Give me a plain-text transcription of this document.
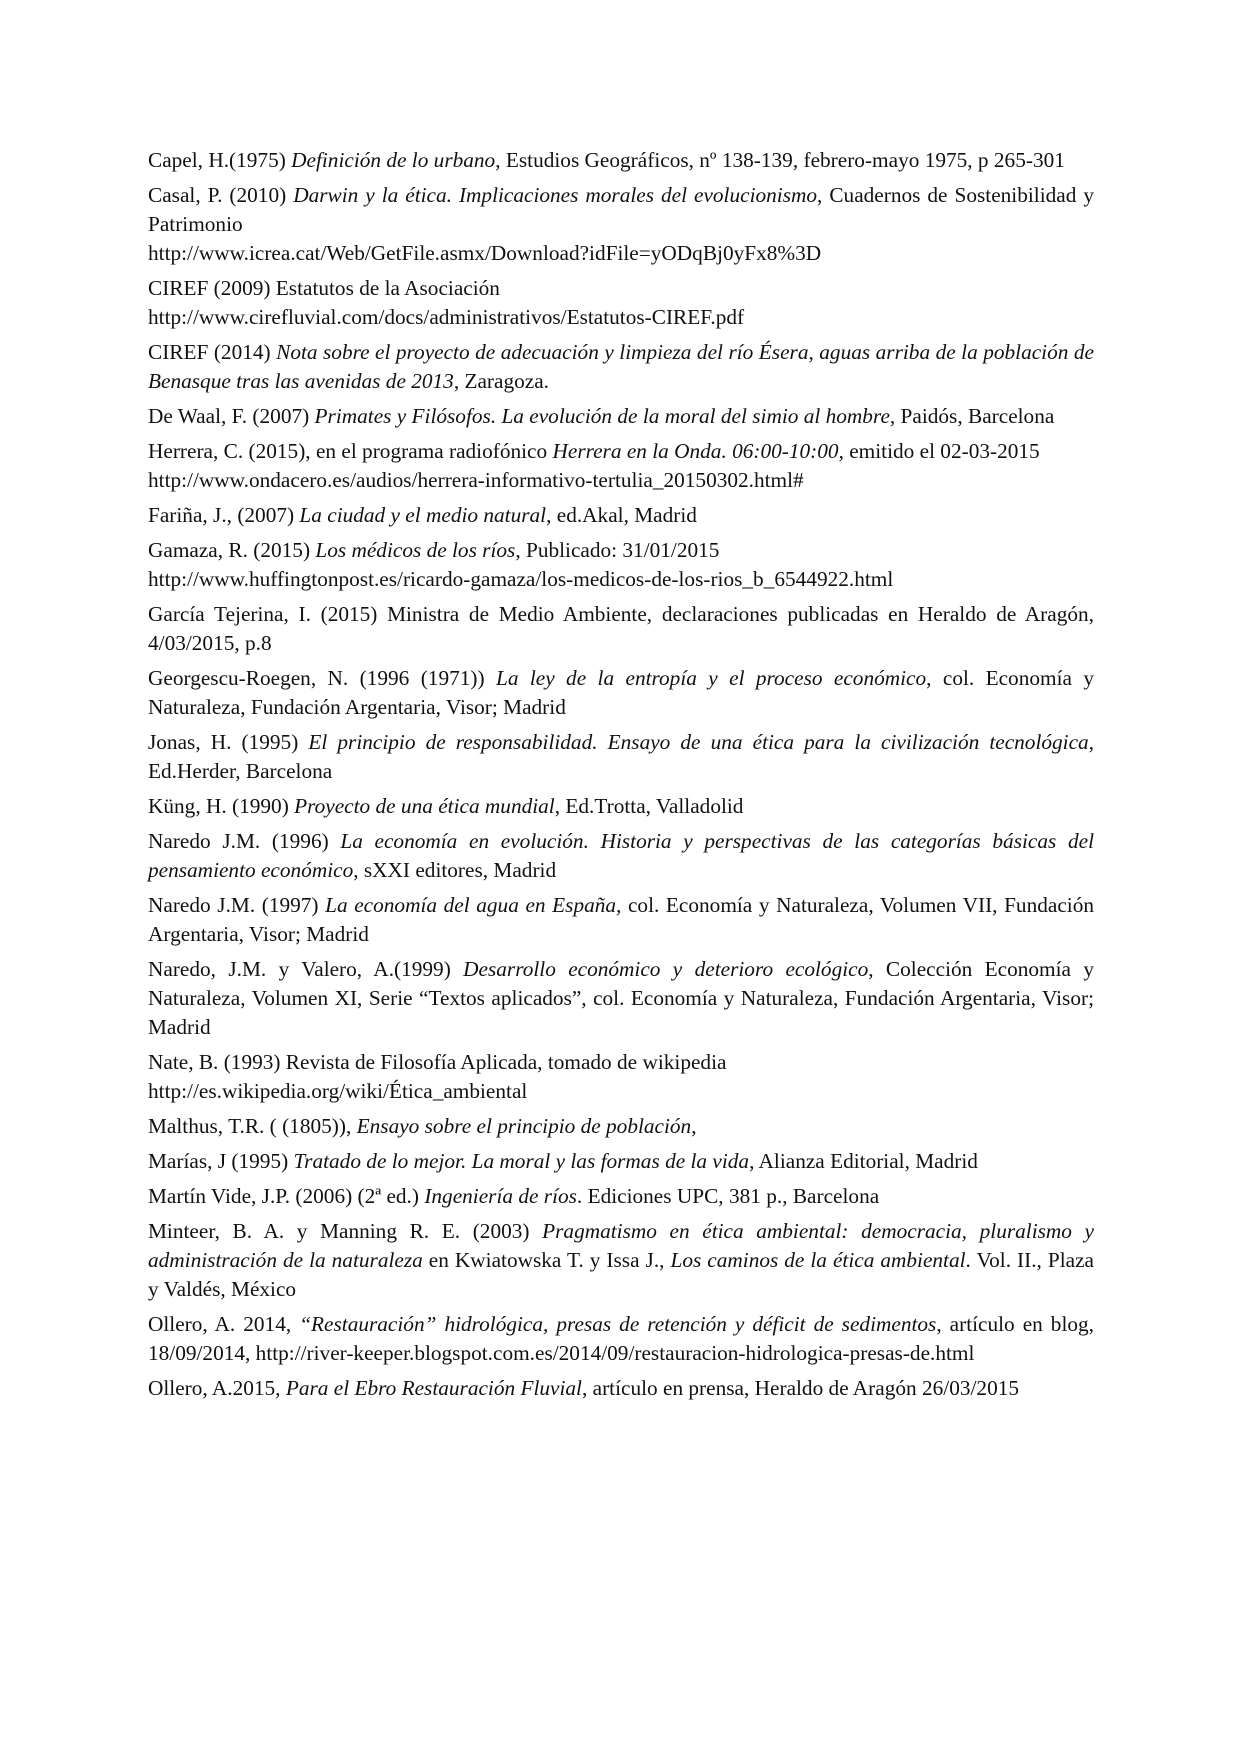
Capel, H.(1975) Definición de lo urbano, Estudios Geográficos, nº 138-139, febrero-mayo 1975, p 265-301

Casal, P. (2010) Darwin y la ética. Implicaciones morales del evolucionismo, Cuadernos de Sostenibilidad y Patrimonio
http://www.icrea.cat/Web/GetFile.asmx/Download?idFile=yODqBj0yFx8%3D

CIREF (2009) Estatutos de la Asociación
http://www.cirefluvial.com/docs/administrativos/Estatutos-CIREF.pdf

CIREF (2014) Nota sobre el proyecto de adecuación y limpieza del río Ésera, aguas arriba de la población de Benasque tras las avenidas de 2013, Zaragoza.

De Waal, F. (2007) Primates y Filósofos. La evolución de la moral del simio al hombre, Paidós, Barcelona

Herrera, C. (2015), en el programa radiofónico Herrera en la Onda. 06:00-10:00, emitido el 02-03-2015
http://www.ondacero.es/audios/herrera-informativo-tertulia_20150302.html#

Fariña, J., (2007) La ciudad y el medio natural, ed.Akal, Madrid

Gamaza, R. (2015) Los médicos de los ríos, Publicado: 31/01/2015
http://www.huffingtonpost.es/ricardo-gamaza/los-medicos-de-los-rios_b_6544922.html

García Tejerina, I. (2015) Ministra de Medio Ambiente, declaraciones publicadas en Heraldo de Aragón, 4/03/2015, p.8

Georgescu-Roegen, N. (1996 (1971)) La ley de la entropía y el proceso económico, col. Economía y Naturaleza, Fundación Argentaria, Visor; Madrid

Jonas, H. (1995) El principio de responsabilidad. Ensayo de una ética para la civilización tecnológica, Ed.Herder, Barcelona

Küng, H. (1990) Proyecto de una ética mundial, Ed.Trotta, Valladolid

Naredo J.M. (1996) La economía en evolución. Historia y perspectivas de las categorías básicas del pensamiento económico, sXXI editores, Madrid

Naredo J.M. (1997) La economía del agua en España, col. Economía y Naturaleza, Volumen VII, Fundación Argentaria, Visor; Madrid

Naredo, J.M. y Valero, A.(1999) Desarrollo económico y deterioro ecológico, Colección Economía y Naturaleza, Volumen XI, Serie “Textos aplicados”, col. Economía y Naturaleza, Fundación Argentaria, Visor; Madrid

Nate, B. (1993) Revista de Filosofía Aplicada, tomado de wikipedia
http://es.wikipedia.org/wiki/Ética_ambiental

Malthus, T.R. ( (1805)), Ensayo sobre el principio de población,

Marías, J (1995) Tratado de lo mejor. La moral y las formas de la vida, Alianza Editorial, Madrid

Martín Vide, J.P. (2006) (2ª ed.) Ingeniería de ríos. Ediciones UPC, 381 p., Barcelona

Minteer, B. A. y Manning R. E. (2003) Pragmatismo en ética ambiental: democracia, pluralismo y administración de la naturaleza en Kwiatowska T. y Issa J., Los caminos de la ética ambiental. Vol. II., Plaza y Valdés, México

Ollero, A. 2014, “Restauración” hidrológica, presas de retención y déficit de sedimentos, artículo en blog, 18/09/2014, http://river-keeper.blogspot.com.es/2014/09/restauracion-hidrologica-presas-de.html

Ollero, A.2015, Para el Ebro Restauración Fluvial, artículo en prensa, Heraldo de Aragón 26/03/2015
